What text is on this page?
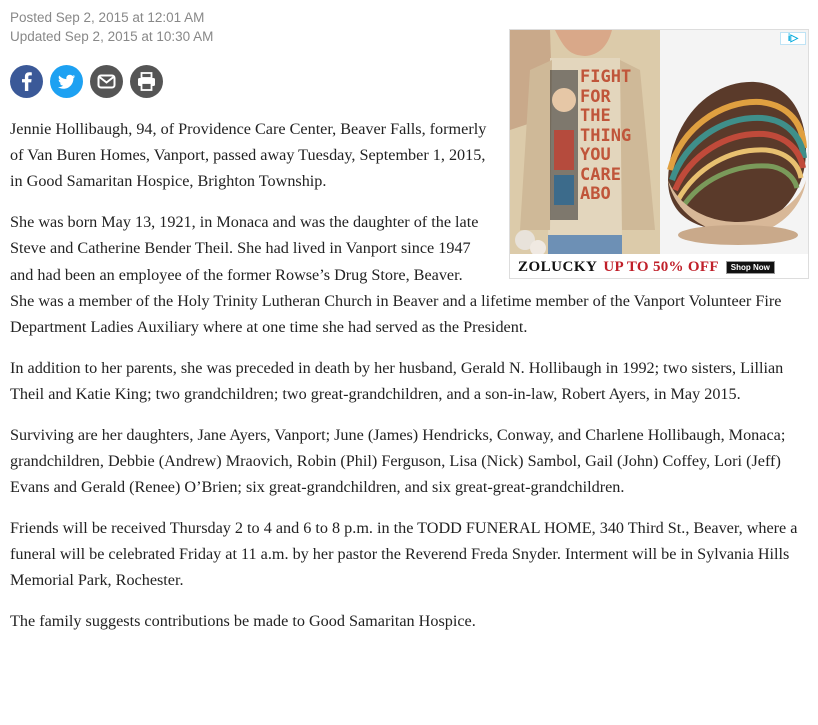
Posted Sep 2, 2015 at 12:01 AM
Updated Sep 2, 2015 at 10:30 AM
FIGHT FOR THE THING YOU CARE ABO
i▷
ZOLUCKY UP TO 50% OFF	Shop Now

Jennie Hollibaugh, 94, of Providence Care Center, Beaver Falls, formerly of Van Buren Homes, Vanport, passed away Tuesday, September 1, 2015, in Good Samaritan Hospice, Brighton Township.

She was born May 13, 1921, in Monaca and was the daughter of the late Steve and Catherine Bender Theil. She had lived in Vanport since 1947 and had been an employee of the former Rowse’s Drug Store, Beaver. She was a member of the Holy Trinity Lutheran Church in Beaver and a lifetime member of the Vanport Volunteer Fire Department Ladies Auxiliary where at one time she had served as the President.

In addition to her parents, she was preceded in death by her husband, Gerald N. Hollibaugh in 1992; two sisters, Lillian Theil and Katie King; two grandchildren; two great-grandchildren, and a son-in-law, Robert Ayers, in May 2015.

Surviving are her daughters, Jane Ayers, Vanport; June (James) Hendricks, Conway, and Charlene Hollibaugh, Monaca; grandchildren, Debbie (Andrew) Mraovich, Robin (Phil) Ferguson, Lisa (Nick) Sambol, Gail (John) Coffey, Lori (Jeff) Evans and Gerald (Renee) O’Brien; six great-grandchildren, and six great-great-grandchildren.

Friends will be received Thursday 2 to 4 and 6 to 8 p.m. in the TODD FUNERAL HOME, 340 Third St., Beaver, where a funeral will be celebrated Friday at 11 a.m. by her pastor the Reverend Freda Snyder. Interment will be in Sylvania Hills Memorial Park, Rochester.

The family suggests contributions be made to Good Samaritan Hospice.
